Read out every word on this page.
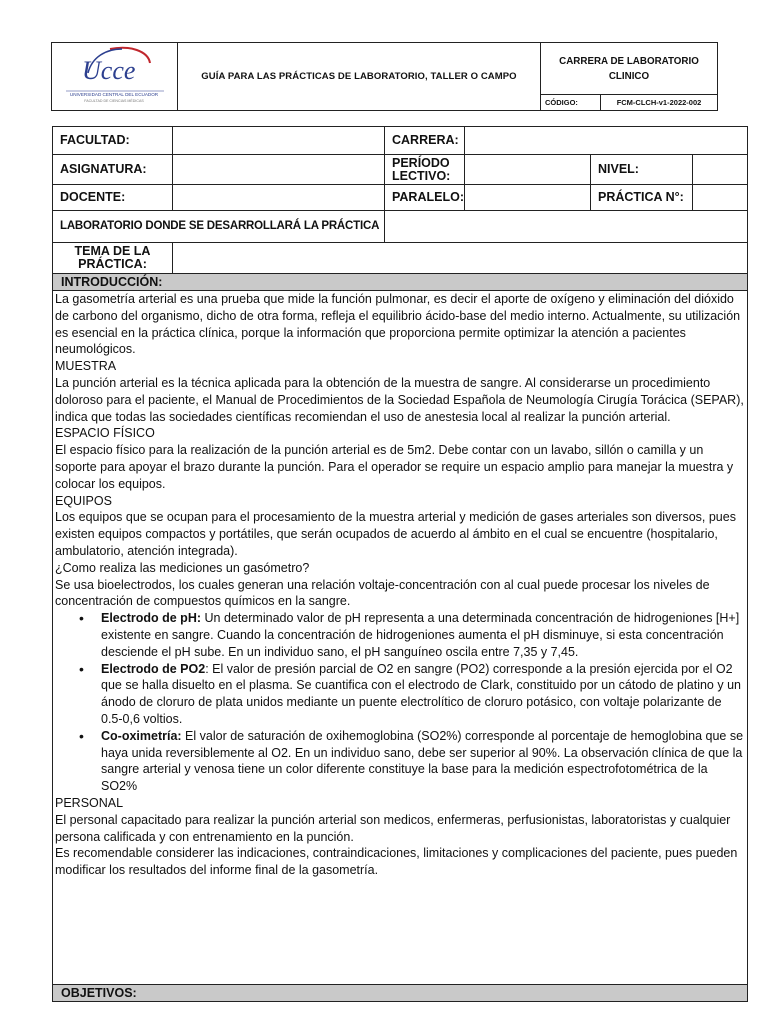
Ucce
UNIVERSIDAD CENTRAL DEL ECUADOR
FACULTAD DE CIENCIAS MÉDICAS
GUÍA PARA LAS PRÁCTICAS DE LABORATORIO, TALLER O CAMPO
CARRERA DE LABORATORIO CLINICO
CÓDIGO:	FCM-CLCH-v1-2022-002
FACULTAD:	CARRERA:
ASIGNATURA:	PERÍODO LECTIVO:	NIVEL:
DOCENTE:	PARALELO:	PRÁCTICA N°:
LABORATORIO DONDE SE DESARROLLARÁ LA PRÁCTICA
TEMA DE LA PRÁCTICA:
INTRODUCCIÓN:

La gasometría arterial es una prueba que mide la función pulmonar, es decir el aporte de oxígeno y eliminación del dióxido de carbono del organismo, dicho de otra forma, refleja el equilibrio ácido-base del medio interno. Actualmente, su utilización es esencial en la práctica clínica, porque la información que proporciona permite optimizar la atención a pacientes neumológicos.

MUESTRA

La punción arterial es la técnica aplicada para la obtención de la muestra de sangre. Al considerarse un procedimiento doloroso para el paciente, el Manual de Procedimientos de la Sociedad Española de Neumología Cirugía Torácica (SEPAR), indica que todas las sociedades científicas recomiendan el uso de anestesia local al realizar la punción arterial.

ESPACIO FÍSICO

El espacio físico para la realización de la punción arterial es de 5m2. Debe contar con un lavabo, sillón o camilla y un soporte para apoyar el brazo durante la punción. Para el operador se require un espacio amplio para manejar la muestra y colocar los equipos.

EQUIPOS

Los equipos que se ocupan para el procesamiento de la muestra arterial y medición de gases arteriales son diversos, pues existen equipos compactos y portátiles, que serán ocupados de acuerdo al ámbito en el cual se encuentre (hospitalario, ambulatorio, atención integrada).

¿Como realiza las mediciones un gasómetro?

Se usa bioelectrodos, los cuales generan una relación voltaje-concentración con al cual puede procesar los niveles de concentración de compuestos químicos en la sangre.

• Electrodo de pH: Un determinado valor de pH representa a una determinada concentración de hidrogeniones [H+] existente en sangre. Cuando la concentración de hidrogeniones aumenta el pH disminuye, si esta concentración desciende el pH sube. En un individuo sano, el pH sanguíneo oscila entre 7,35 y 7,45.
• Electrodo de PO2: El valor de presión parcial de O2 en sangre (PO2) corresponde a la presión ejercida por el O2 que se halla disuelto en el plasma. Se cuantifica con el electrodo de Clark, constituido por un cátodo de platino y un ánodo de cloruro de plata unidos mediante un puente electrolítico de cloruro potásico, con voltaje polarizante de 0.5-0,6 voltios.
• Co-oximetría: El valor de saturación de oxihemoglobina (SO2%) corresponde al porcentaje de hemoglobina que se haya unida reversiblemente al O2. En un individuo sano, debe ser superior al 90%. La observación clínica de que la sangre arterial y venosa tiene un color diferente constituye la base para la medición espectrofotométrica de la SO2%

PERSONAL

El personal capacitado para realizar la punción arterial son medicos, enfermeras, perfusionistas, laboratoristas y cualquier persona calificada y con entrenamiento en la punción.

Es recomendable considerer las indicaciones, contraindicaciones, limitaciones y complicaciones del paciente, pues pueden modificar los resultados del informe final de la gasometría.

OBJETIVOS:
